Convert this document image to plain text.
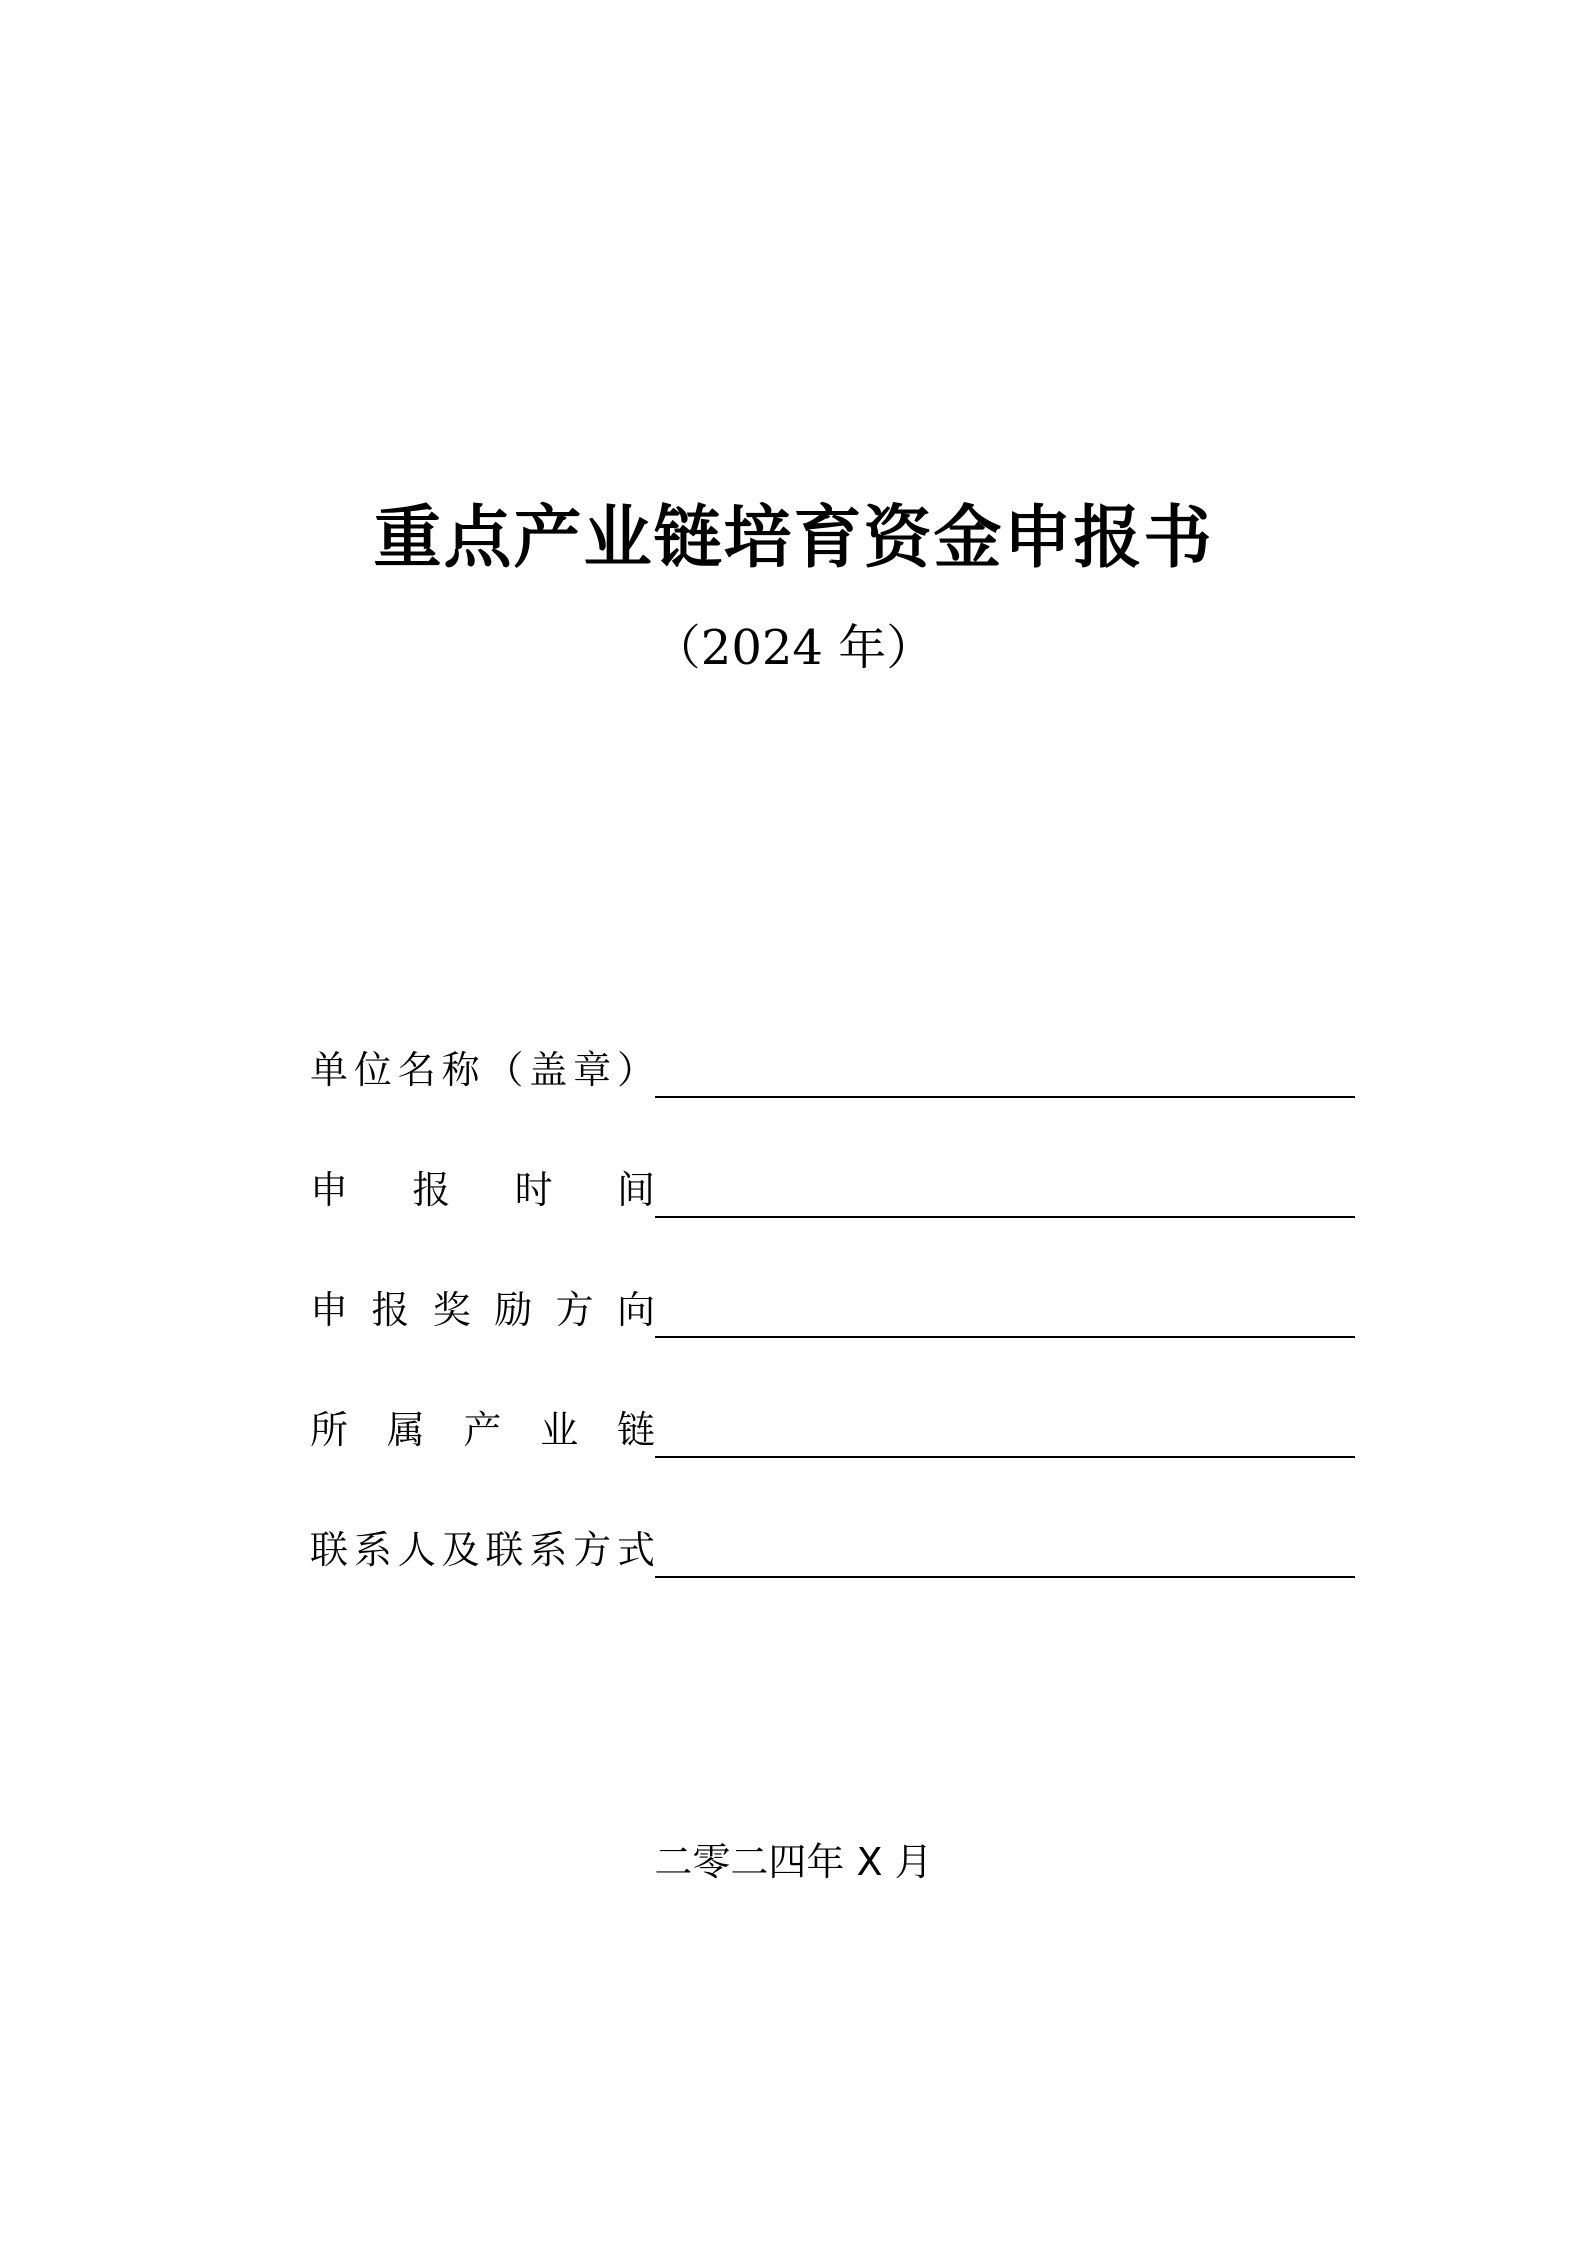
重点产业链培育资金申报书
（2024 年）
单位名称（盖章）
申报时间
申报奖励方向
所属产业链
联系人及联系方式
二零二四年 X 月
